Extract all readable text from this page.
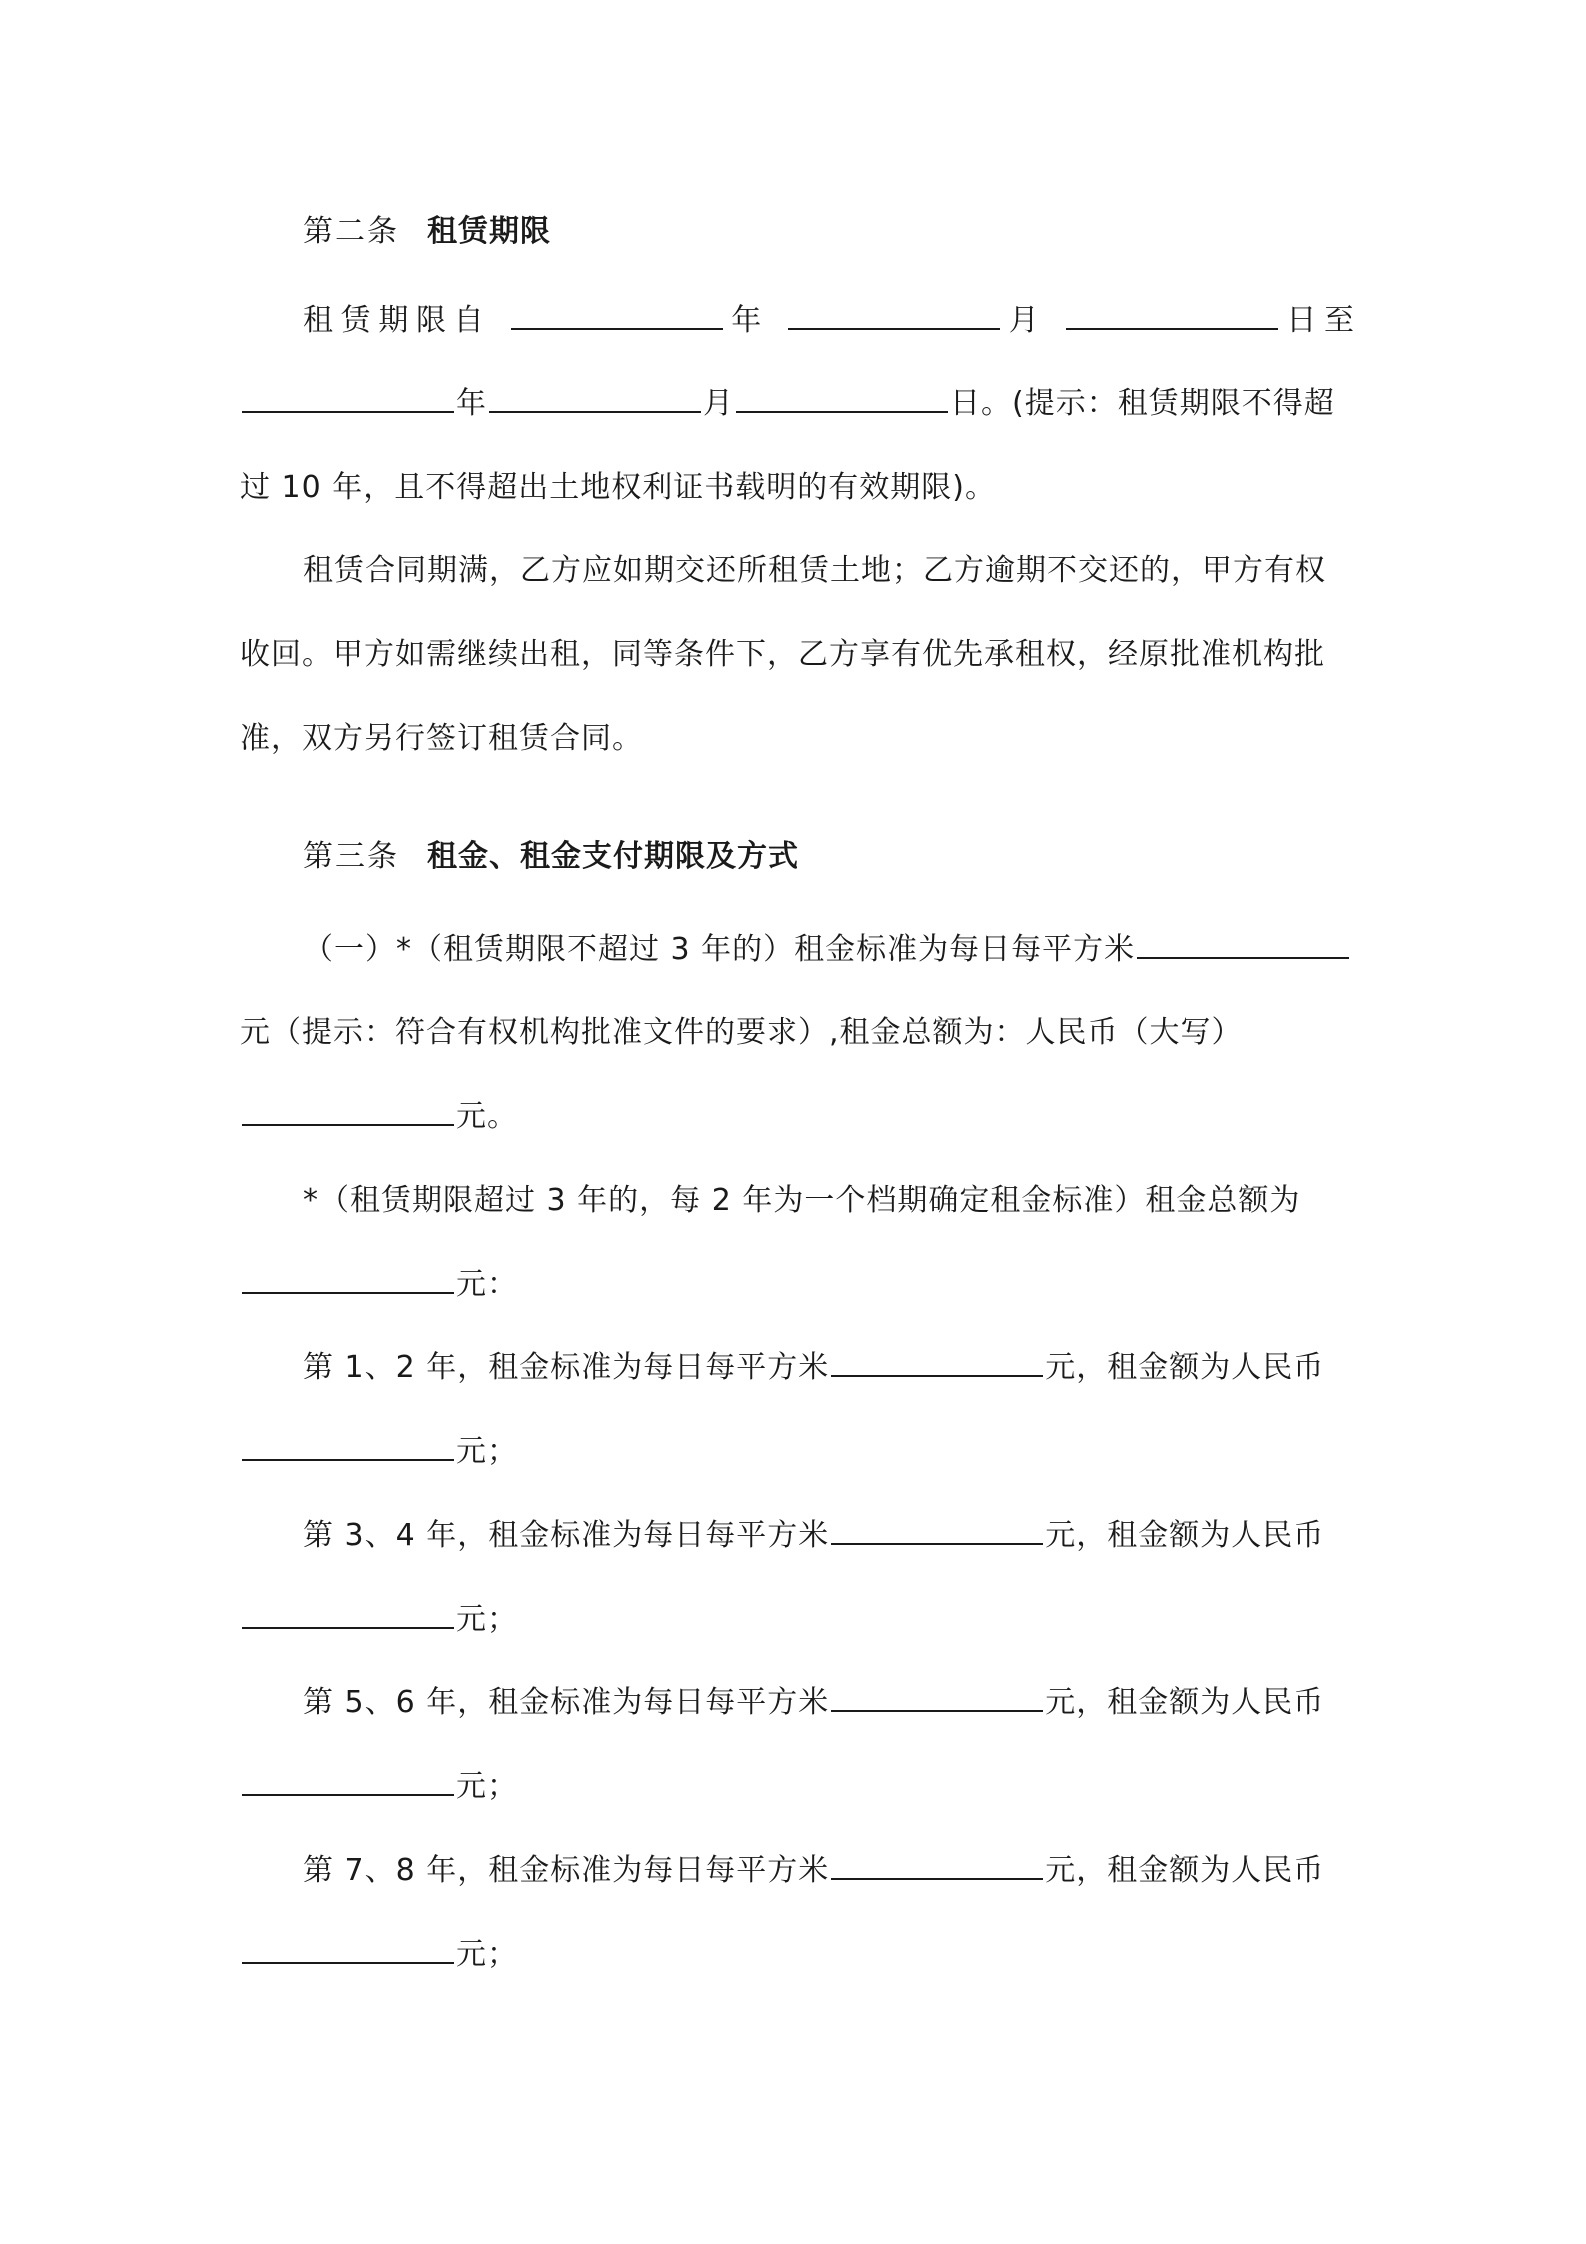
第二条 租赁期限
租赁期限自	年	月	日至
年	月	日。(提示：租赁期限不得超
过 10 年，且不得超出土地权利证书载明的有效期限)。
租赁合同期满，乙方应如期交还所租赁土地；乙方逾期不交还的，甲方有权
收回。甲方如需继续出租，同等条件下，乙方享有优先承租权，经原批准机构批
准，双方另行签订租赁合同。
第三条 租金、租金支付期限及方式
（一）*（租赁期限不超过 3 年的）租金标准为每日每平方米
元（提示：符合有权机构批准文件的要求）,租金总额为：人民币（大写）
元。
*（租赁期限超过 3 年的，每 2 年为一个档期确定租金标准）租金总额为
元：
第 1、2 年，租金标准为每日每平方米	元，租金额为人民币
元；
第 3、4 年，租金标准为每日每平方米	元，租金额为人民币
元；
第 5、6 年，租金标准为每日每平方米	元，租金额为人民币
元；
第 7、8 年，租金标准为每日每平方米	元，租金额为人民币
元；
